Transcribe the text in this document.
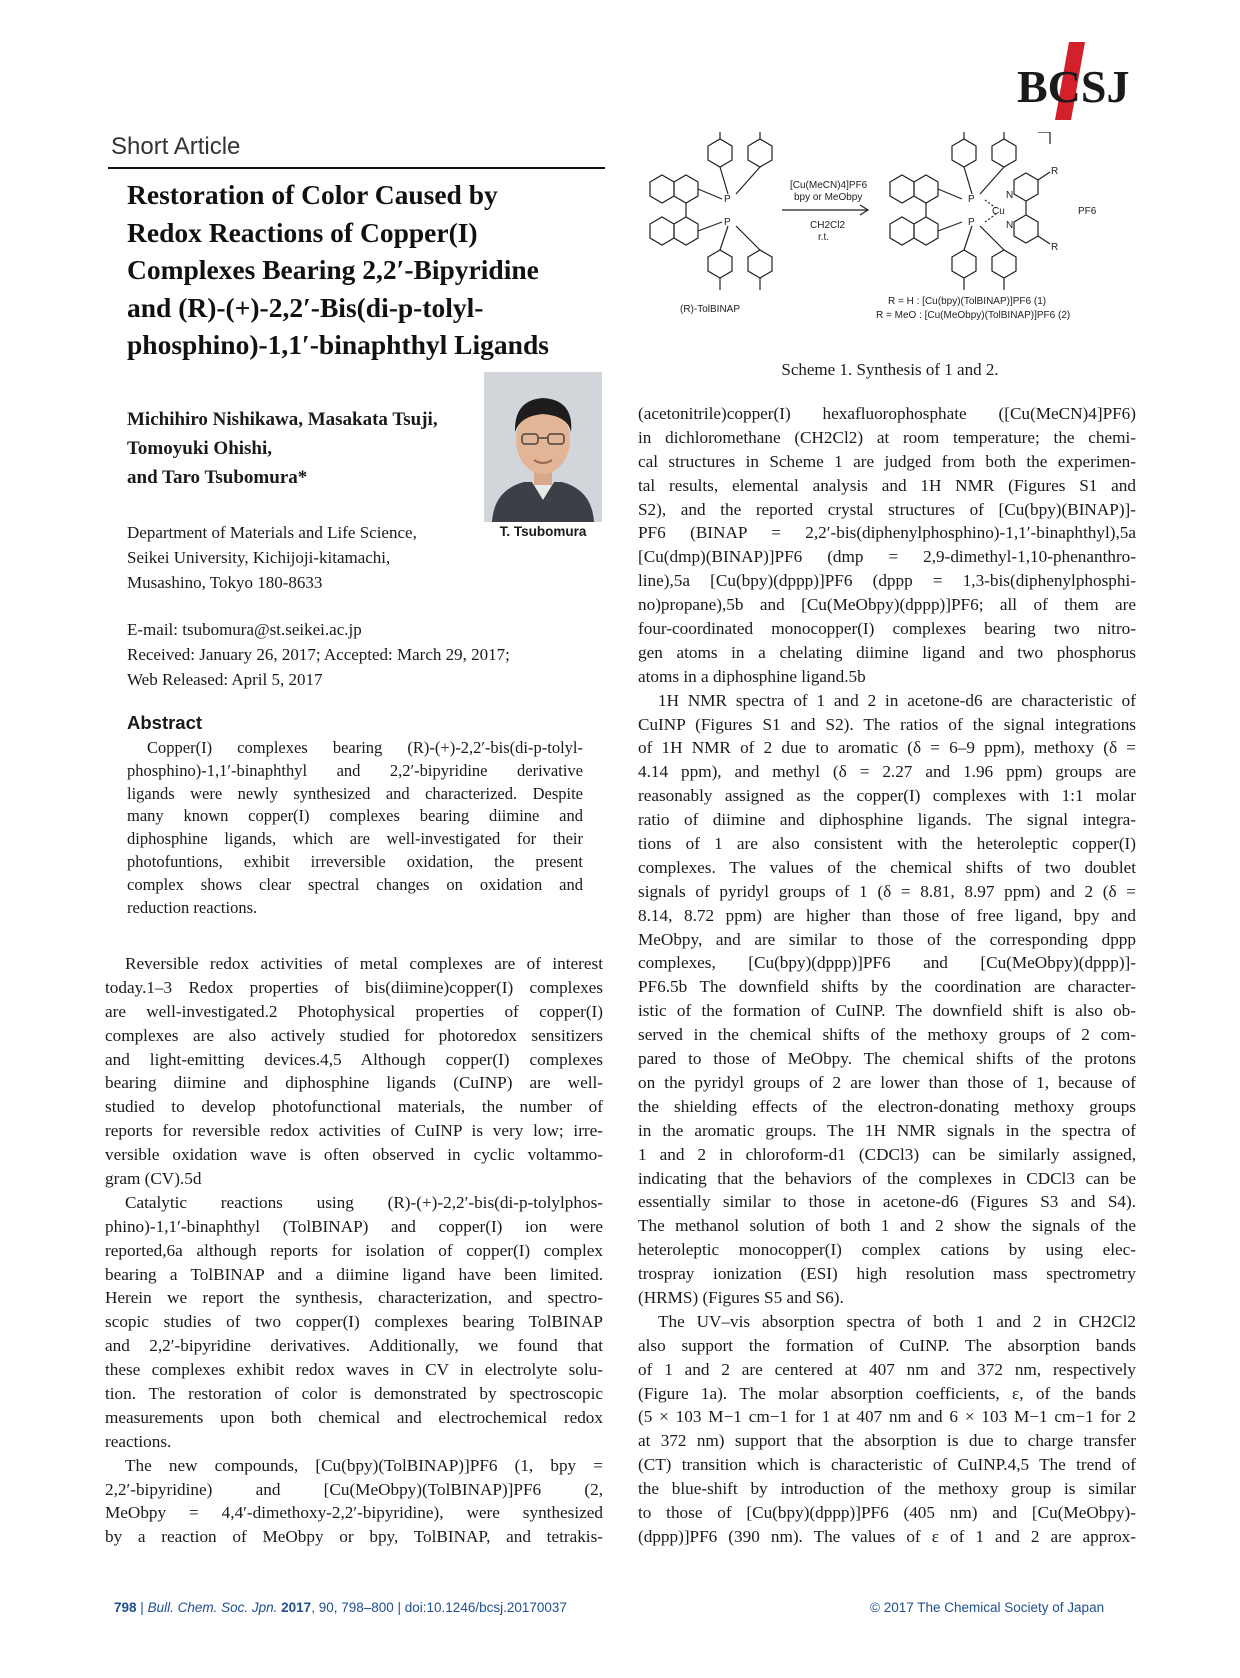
BCSJ
Short Article
Restoration of Color Caused by
Redox Reactions of Copper(I)
Complexes Bearing 2,2′-Bipyridine
and (R)-(+)-2,2′-Bis(di-p-tolyl-
phosphino)-1,1′-binaphthyl Ligands
T. Tsubomura
Michihiro Nishikawa, Masakata Tsuji,
Tomoyuki Ohishi,
and Taro Tsubomura*
Department of Materials and Life Science,
Seikei University, Kichijoji-kitamachi,
Musashino, Tokyo 180-8633
E-mail: tsubomura@st.seikei.ac.jp
Received: January 26, 2017; Accepted: March 29, 2017;
Web Released: April 5, 2017
Abstract
Copper(I) complexes bearing (R)-(+)-2,2′-bis(di-p-tolyl-
phosphino)-1,1′-binaphthyl and 2,2′-bipyridine derivative
ligands were newly synthesized and characterized. Despite
many known copper(I) complexes bearing diimine and
diphosphine ligands, which are well-investigated for their
photofuntions, exhibit irreversible oxidation, the present
complex shows clear spectral changes on oxidation and
reduction reactions.
P
P
P
P
Cu
N
N
R
R
PF6
[Cu(MeCN)4]PF6
bpy or MeObpy
CH2Cl2
r.t.
(R)-TolBINAP
R = H : [Cu(bpy)(TolBINAP)]PF6 (1)
R = MeO : [Cu(MeObpy)(TolBINAP)]PF6 (2)
Scheme 1. Synthesis of 1 and 2.
Reversible redox activities of metal complexes are of interest
today.1–3 Redox properties of bis(diimine)copper(I) complexes
are well-investigated.2 Photophysical properties of copper(I)
complexes are also actively studied for photoredox sensitizers
and light-emitting devices.4,5 Although copper(I) complexes
bearing diimine and diphosphine ligands (CuINP) are well-
studied to develop photofunctional materials, the number of
reports for reversible redox activities of CuINP is very low; irre-
versible oxidation wave is often observed in cyclic voltammo-
gram (CV).5d
Catalytic reactions using (R)-(+)-2,2′-bis(di-p-tolylphos-
phino)-1,1′-binaphthyl (TolBINAP) and copper(I) ion were
reported,6a although reports for isolation of copper(I) complex
bearing a TolBINAP and a diimine ligand have been limited.
Herein we report the synthesis, characterization, and spectro-
scopic studies of two copper(I) complexes bearing TolBINAP
and 2,2′-bipyridine derivatives. Additionally, we found that
these complexes exhibit redox waves in CV in electrolyte solu-
tion. The restoration of color is demonstrated by spectroscopic
measurements upon both chemical and electrochemical redox
reactions.
The new compounds, [Cu(bpy)(TolBINAP)]PF6 (1, bpy =
2,2′-bipyridine) and [Cu(MeObpy)(TolBINAP)]PF6 (2,
MeObpy = 4,4′-dimethoxy-2,2′-bipyridine), were synthesized
by a reaction of MeObpy or bpy, TolBINAP, and tetrakis-
(acetonitrile)copper(I) hexafluorophosphate ([Cu(MeCN)4]PF6)
in dichloromethane (CH2Cl2) at room temperature; the chemi-
cal structures in Scheme 1 are judged from both the experimen-
tal results, elemental analysis and 1H NMR (Figures S1 and
S2), and the reported crystal structures of [Cu(bpy)(BINAP)]-
PF6 (BINAP = 2,2′-bis(diphenylphosphino)-1,1′-binaphthyl),5a
[Cu(dmp)(BINAP)]PF6 (dmp = 2,9-dimethyl-1,10-phenanthro-
line),5a [Cu(bpy)(dppp)]PF6 (dppp = 1,3-bis(diphenylphosphi-
no)propane),5b and [Cu(MeObpy)(dppp)]PF6; all of them are
four-coordinated monocopper(I) complexes bearing two nitro-
gen atoms in a chelating diimine ligand and two phosphorus
atoms in a diphosphine ligand.5b
1H NMR spectra of 1 and 2 in acetone-d6 are characteristic of
CuINP (Figures S1 and S2). The ratios of the signal integrations
of 1H NMR of 2 due to aromatic (δ = 6–9 ppm), methoxy (δ =
4.14 ppm), and methyl (δ = 2.27 and 1.96 ppm) groups are
reasonably assigned as the copper(I) complexes with 1:1 molar
ratio of diimine and diphosphine ligands. The signal integra-
tions of 1 are also consistent with the heteroleptic copper(I)
complexes. The values of the chemical shifts of two doublet
signals of pyridyl groups of 1 (δ = 8.81, 8.97 ppm) and 2 (δ =
8.14, 8.72 ppm) are higher than those of free ligand, bpy and
MeObpy, and are similar to those of the corresponding dppp
complexes, [Cu(bpy)(dppp)]PF6 and [Cu(MeObpy)(dppp)]-
PF6.5b The downfield shifts by the coordination are character-
istic of the formation of CuINP. The downfield shift is also ob-
served in the chemical shifts of the methoxy groups of 2 com-
pared to those of MeObpy. The chemical shifts of the protons
on the pyridyl groups of 2 are lower than those of 1, because of
the shielding effects of the electron-donating methoxy groups
in the aromatic groups. The 1H NMR signals in the spectra of
1 and 2 in chloroform-d1 (CDCl3) can be similarly assigned,
indicating that the behaviors of the complexes in CDCl3 can be
essentially similar to those in acetone-d6 (Figures S3 and S4).
The methanol solution of both 1 and 2 show the signals of the
heteroleptic monocopper(I) complex cations by using elec-
trospray ionization (ESI) high resolution mass spectrometry
(HRMS) (Figures S5 and S6).
The UV–vis absorption spectra of both 1 and 2 in CH2Cl2
also support the formation of CuINP. The absorption bands
of 1 and 2 are centered at 407 nm and 372 nm, respectively
(Figure 1a). The molar absorption coefficients, ε, of the bands
(5 × 103 M−1 cm−1 for 1 at 407 nm and 6 × 103 M−1 cm−1 for 2
at 372 nm) support that the absorption is due to charge transfer
(CT) transition which is characteristic of CuINP.4,5 The trend of
the blue-shift by introduction of the methoxy group is similar
to those of [Cu(bpy)(dppp)]PF6 (405 nm) and [Cu(MeObpy)-
(dppp)]PF6 (390 nm). The values of ε of 1 and 2 are approx-
798 | Bull. Chem. Soc. Jpn. 2017, 90, 798–800 | doi:10.1246/bcsj.20170037	© 2017 The Chemical Society of Japan
